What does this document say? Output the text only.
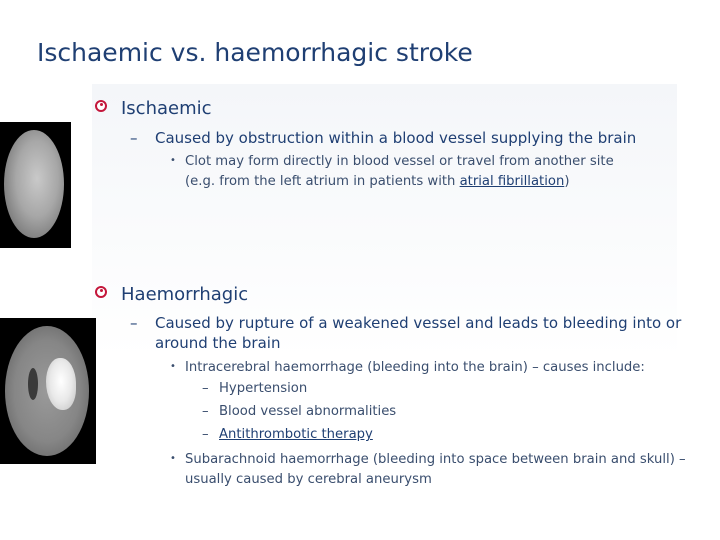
Ischaemic vs. haemorrhagic stroke
Ischaemic
– Caused by obstruction within a blood vessel supplying the brain
• Clot may form directly in blood vessel or travel from another site
(e.g. from the left atrium in patients with atrial fibrillation)
Haemorrhagic
– Caused by rupture of a weakened vessel and leads to bleeding into or
around the brain
• Intracerebral haemorrhage (bleeding into the brain) – causes include:
– Hypertension
– Blood vessel abnormalities
– Antithrombotic therapy
• Subarachnoid haemorrhage (bleeding into space between brain and skull) –
usually caused by cerebral aneurysm
